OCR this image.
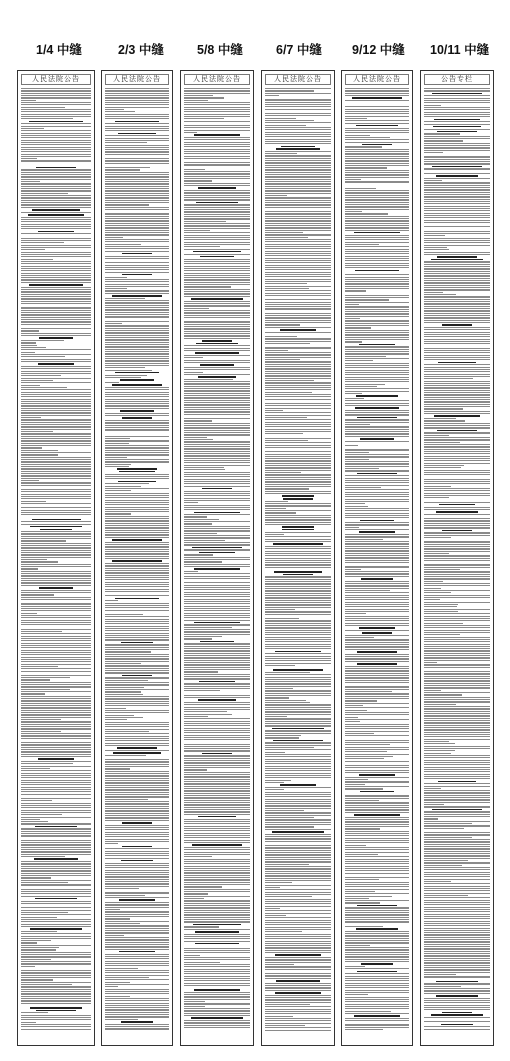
1/4 中缝	2/3 中缝	5/8 中缝	6/7 中缝 9/12 中缝 10/11 中缝
人民法院公告	人民法院公告	人民法院公告	人民法院公告	人民法院公告	公告专栏
